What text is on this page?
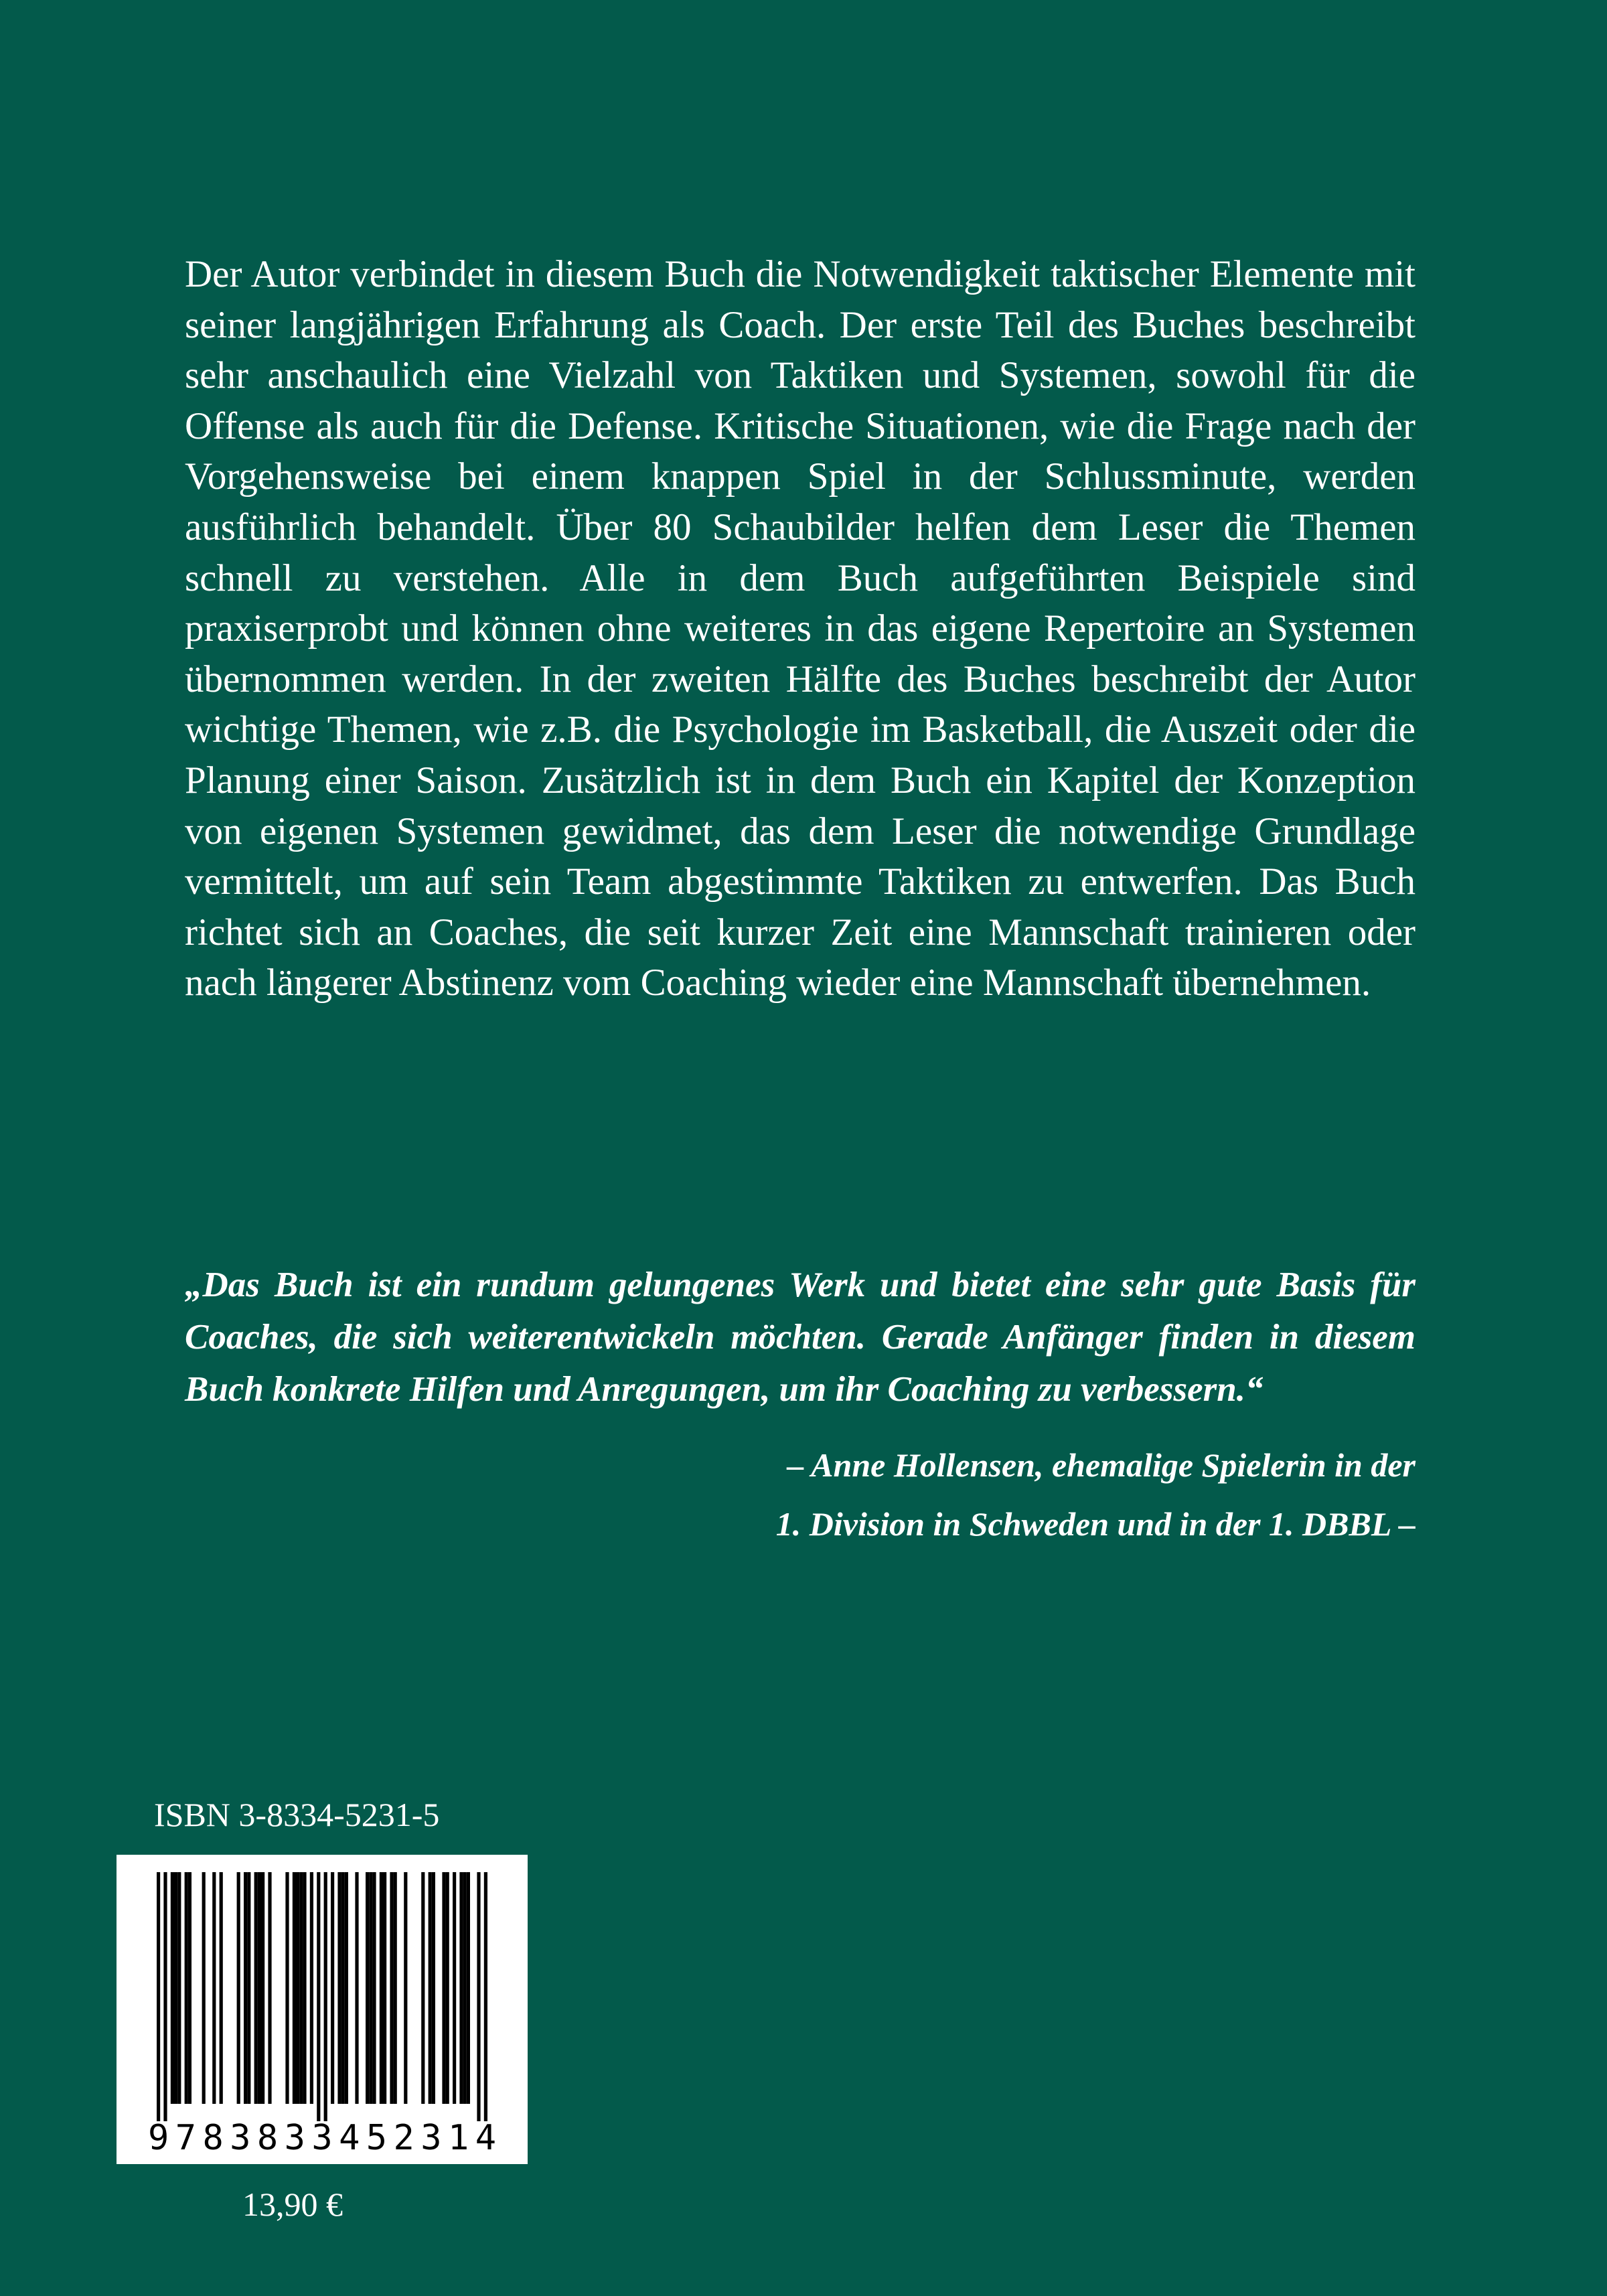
Der Autor verbindet in diesem Buch die Notwendigkeit taktischer Elemente mit seiner langjährigen Erfahrung als Coach. Der erste Teil des Buches beschreibt sehr anschaulich eine Vielzahl von Taktiken und Systemen, sowohl für die Offense als auch für die Defense. Kritische Situationen, wie die Frage nach der Vorgehensweise bei einem knappen Spiel in der Schlussminute, werden ausführlich behandelt. Über 80 Schaubilder helfen dem Leser die Themen schnell zu verstehen. Alle in dem Buch aufgeführten Beispiele sind praxiserprobt und können ohne weiteres in das eigene Repertoire an Systemen übernommen werden. In der zweiten Hälfte des Buches beschreibt der Autor wichtige Themen, wie z.B. die Psychologie im Basketball, die Auszeit oder die Planung einer Saison. Zusätzlich ist in dem Buch ein Kapitel der Konzeption von eigenen Systemen gewidmet, das dem Leser die notwendige Grundlage vermittelt, um auf sein Team abgestimmte Taktiken zu entwerfen. Das Buch richtet sich an Coaches, die seit kurzer Zeit eine Mannschaft trainieren oder nach längerer Abstinenz vom Coaching wieder eine Mannschaft übernehmen.
„Das Buch ist ein rundum gelungenes Werk und bietet eine sehr gute Basis für Coaches, die sich weiterentwickeln möchten. Gerade Anfänger finden in diesem Buch konkrete Hilfen und Anregungen, um ihr Coaching zu verbessern.“
– Anne Hollensen, ehemalige Spielerin in der
1. Division in Schweden und in der 1. DBBL –

ISBN 3-8334-5231-5

9783833452314

13,90 €
